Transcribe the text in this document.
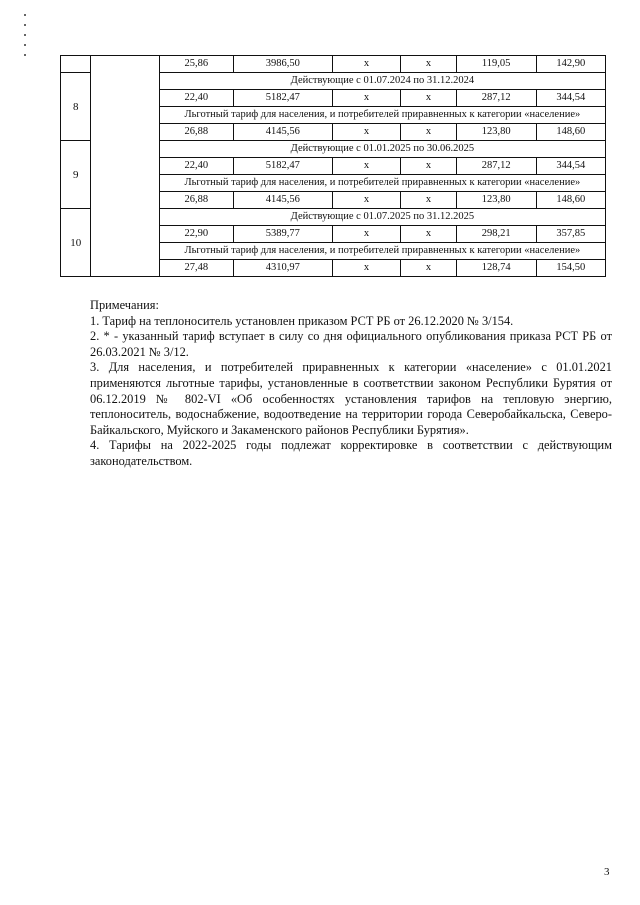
		25,86	3986,50	х	х	119,05	142,90
8		Действующие с 01.07.2024 по 31.12.2024					
		22,40	5182,47	х	х	287,12	344,54
		Льготный тариф для населения, и потребителей приравненных к категории «население»					
		26,88	4145,56	х	х	123,80	148,60
9		Действующие с 01.01.2025 по 30.06.2025					
		22,40	5182,47	х	х	287,12	344,54
		Льготный тариф для населения, и потребителей приравненных к категории «население»					
		26,88	4145,56	х	х	123,80	148,60
10		Действующие с 01.07.2025 по 31.12.2025					
		22,90	5389,77	х	х	298,21	357,85
		Льготный тариф для населения, и потребителей приравненных к категории «население»					
		27,48	4310,97	х	х	128,74	154,50

Примечания:

1. Тариф на теплоноситель установлен приказом РСТ РБ от 26.12.2020 № 3/154.

2. * - указанный тариф вступает в силу со дня официального опубликования приказа РСТ РБ от 26.03.2021 № 3/12.

3. Для населения, и потребителей приравненных к категории «население» с 01.01.2021 применяются льготные тарифы, установленные в соответствии законом Республики Бурятия от 06.12.2019 № 802-VI «Об особенностях установления тарифов на тепловую энергию, теплоноситель, водоснабжение, водоотведение на территории города Северобайкальска, Северо-Байкальского, Муйского и Закаменского районов Республики Бурятия».

4. Тарифы на 2022-2025 годы подлежат корректировке в соответствии с действующим законодательством.

3
